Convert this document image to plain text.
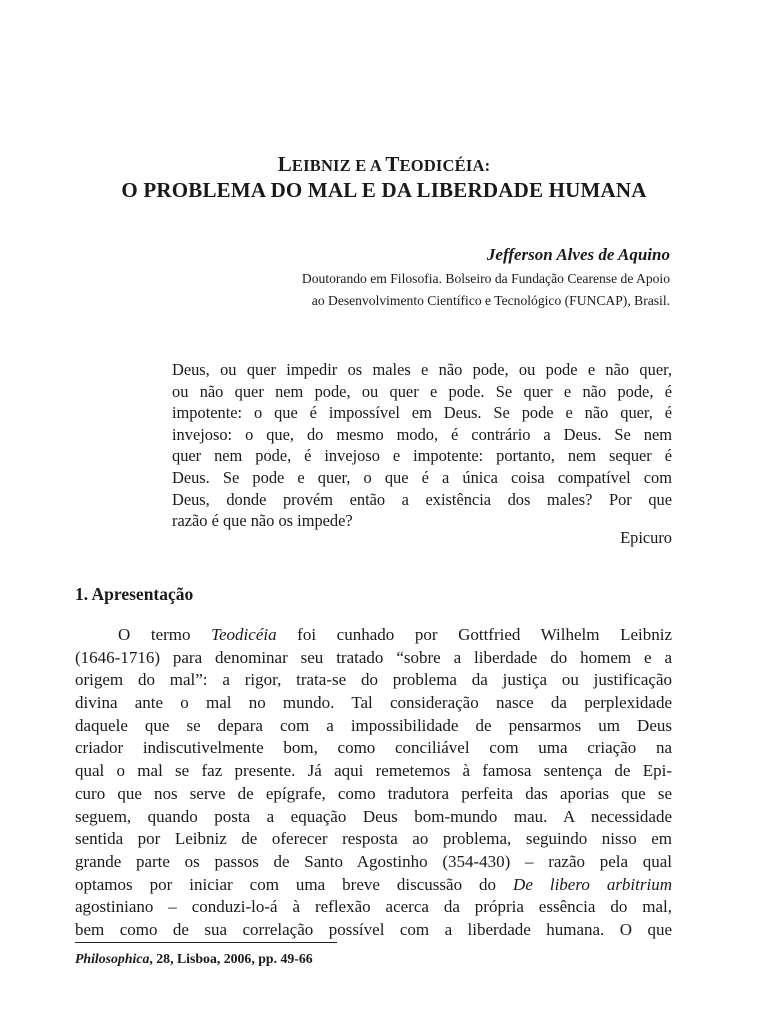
LEIBNIZ E A TEODICÉIA:
O PROBLEMA DO MAL E DA LIBERDADE HUMANA
Jefferson Alves de Aquino
Doutorando em Filosofia. Bolseiro da Fundação Cearense de Apoio
ao Desenvolvimento Científico e Tecnológico (FUNCAP), Brasil.
Deus, ou quer impedir os males e não pode, ou pode e não quer,
ou não quer nem pode, ou quer e pode. Se quer e não pode, é
impotente: o que é impossível em Deus. Se pode e não quer, é
invejoso: o que, do mesmo modo, é contrário a Deus. Se nem
quer nem pode, é invejoso e impotente: portanto, nem sequer é
Deus. Se pode e quer, o que é a única coisa compatível com
Deus, donde provém então a existência dos males? Por que
razão é que não os impede?
Epicuro
1. Apresentação
O termo Teodicéia foi cunhado por Gottfried Wilhelm Leibniz
(1646-1716) para denominar seu tratado “sobre a liberdade do homem e a
origem do mal”: a rigor, trata-se do problema da justiça ou justificação
divina ante o mal no mundo. Tal consideração nasce da perplexidade
daquele que se depara com a impossibilidade de pensarmos um Deus
criador indiscutivelmente bom, como conciliável com uma criação na
qual o mal se faz presente. Já aqui remetemos à famosa sentença de Epi-
curo que nos serve de epígrafe, como tradutora perfeita das aporias que se
seguem, quando posta a equação Deus bom-mundo mau. A necessidade
sentida por Leibniz de oferecer resposta ao problema, seguindo nisso em
grande parte os passos de Santo Agostinho (354-430) – razão pela qual
optamos por iniciar com uma breve discussão do De libero arbitrium
agostiniano – conduzi-lo-á à reflexão acerca da própria essência do mal,
bem como de sua correlação possível com a liberdade humana. O que
Philosophica, 28, Lisboa, 2006, pp. 49-66
